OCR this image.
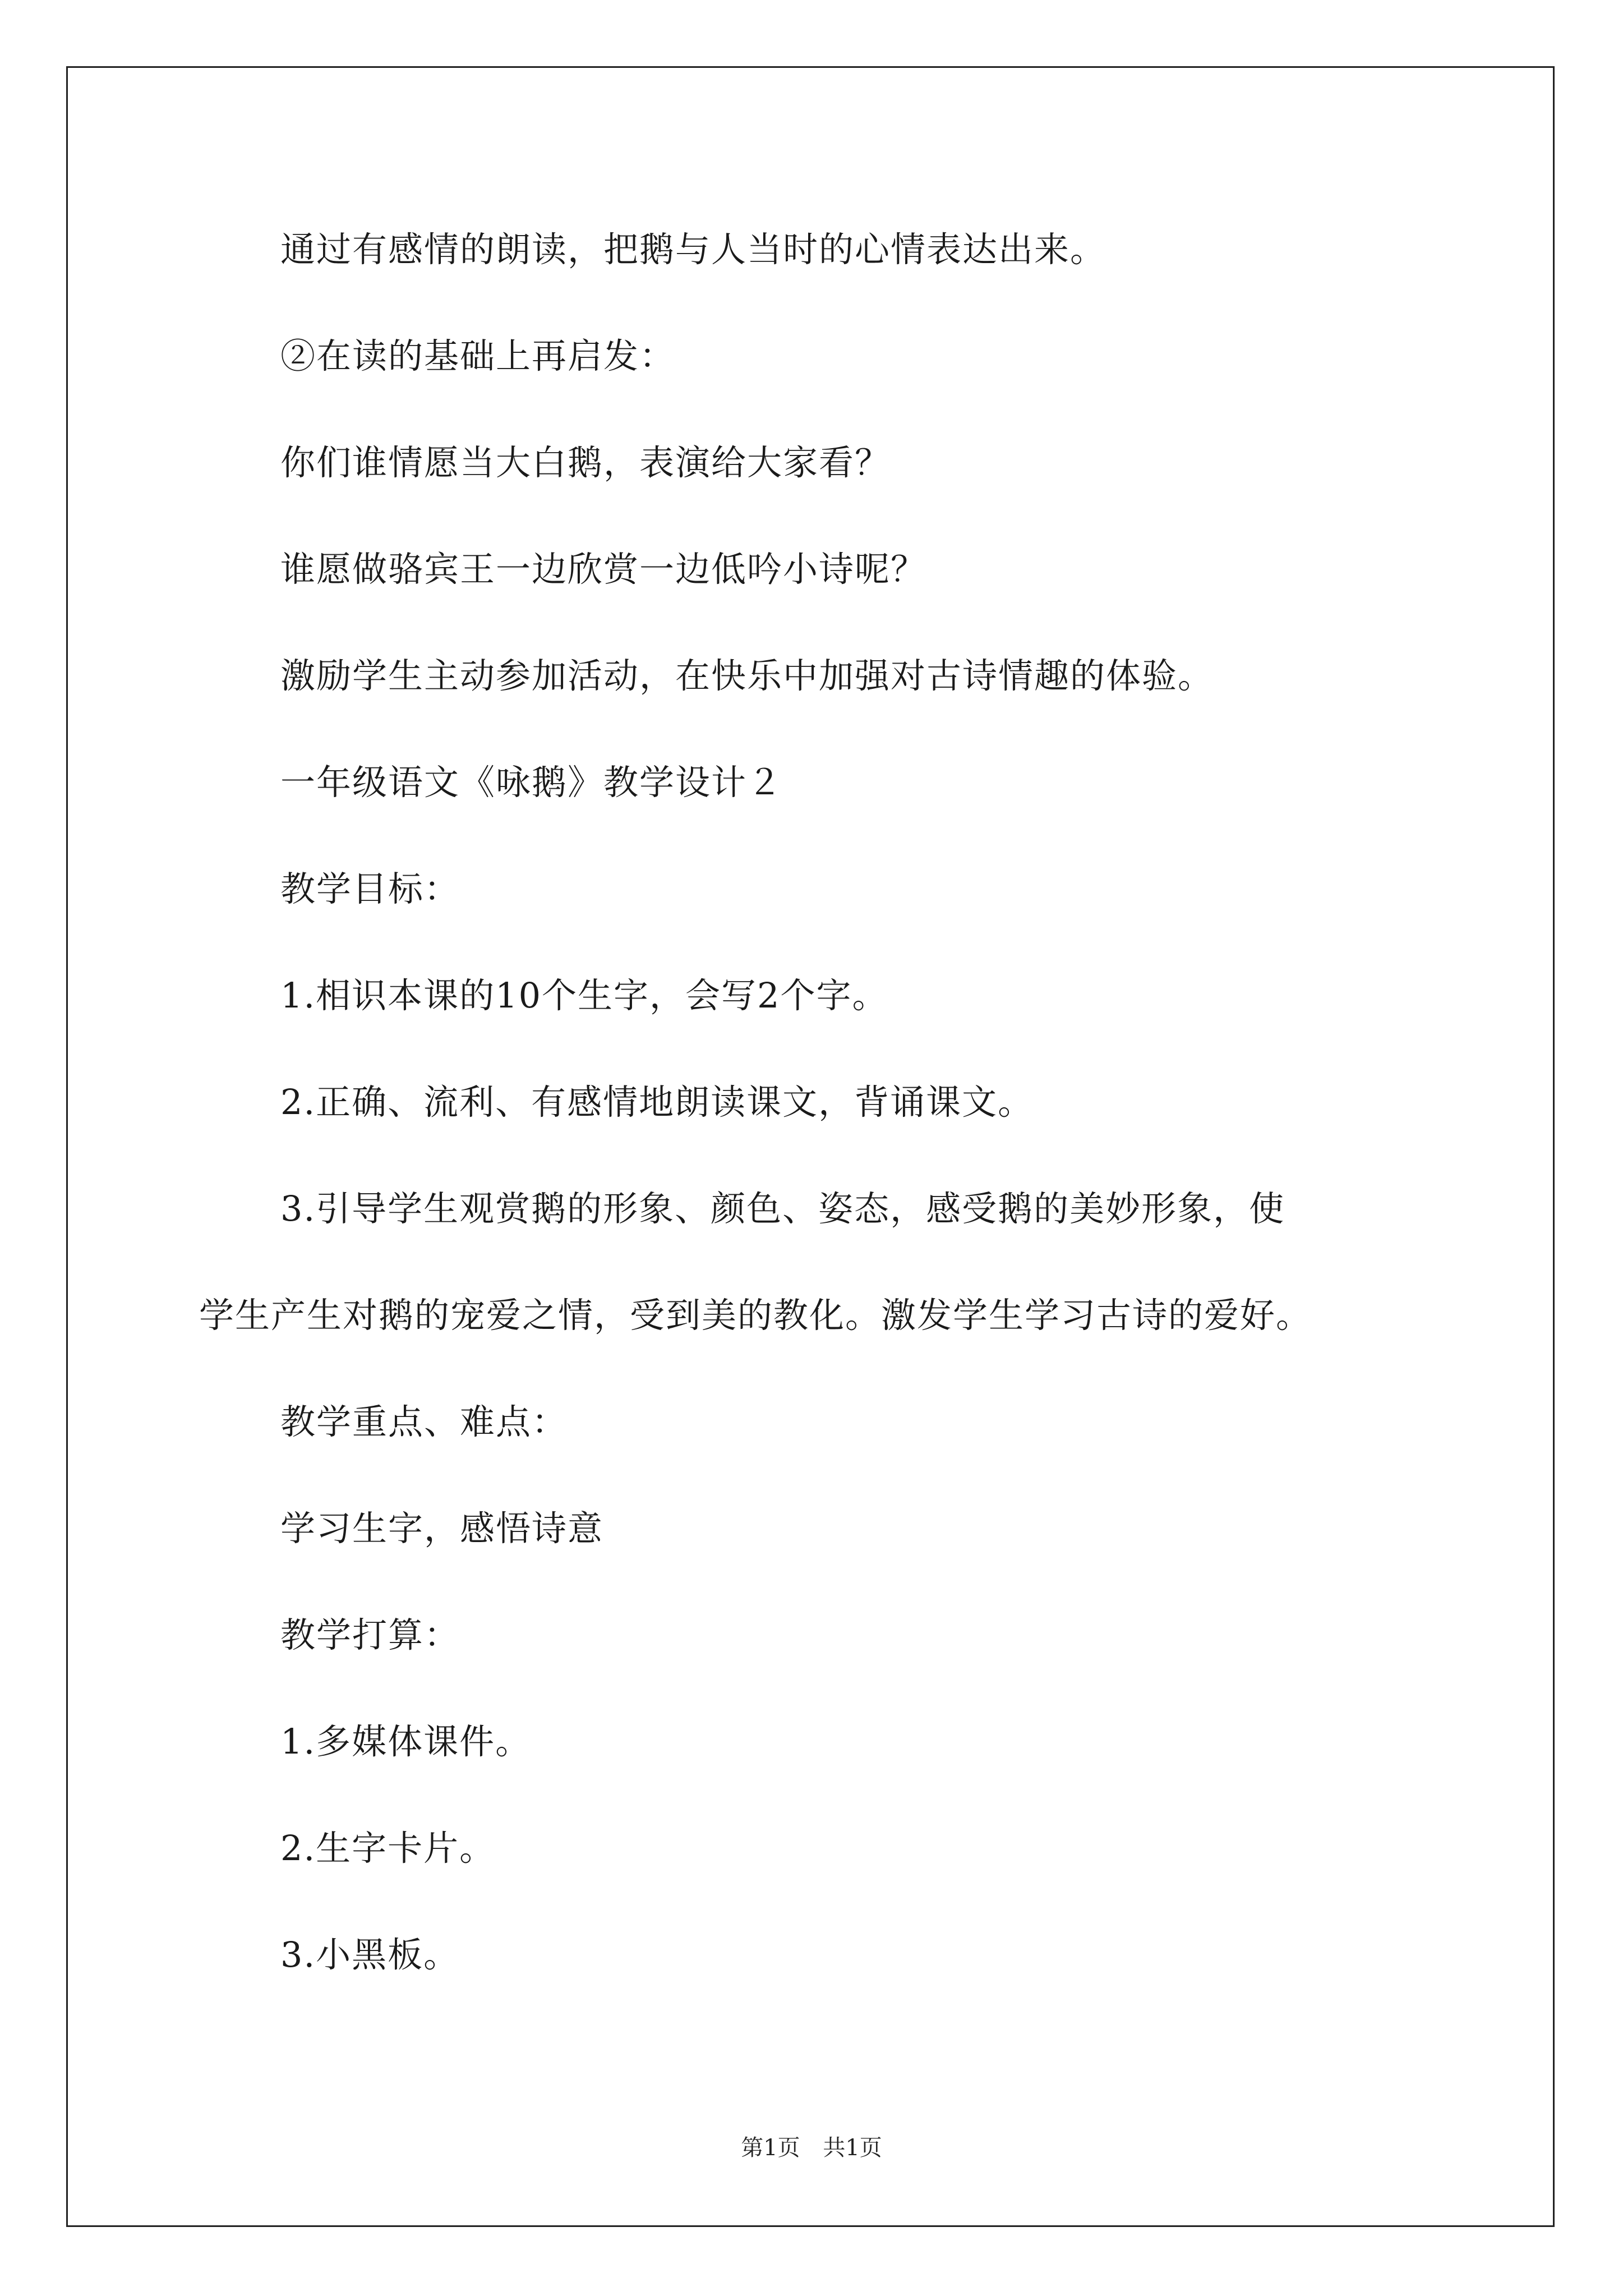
通过有感情的朗读，把鹅与人当时的心情表达出来。
②在读的基础上再启发：
你们谁情愿当大白鹅，表演给大家看？
谁愿做骆宾王一边欣赏一边低吟小诗呢？
激励学生主动参加活动，在快乐中加强对古诗情趣的体验。
一年级语文《咏鹅》教学设计２
教学目标：
1.相识本课的10个生字，会写2个字。
2.正确、流利、有感情地朗读课文，背诵课文。
3.引导学生观赏鹅的形象、颜色、姿态，感受鹅的美妙形象，使
学生产生对鹅的宠爱之情，受到美的教化。激发学生学习古诗的爱好。
教学重点、难点：
学习生字，感悟诗意
教学打算：
1.多媒体课件。
2.生字卡片。
3.小黑板。
第1页 共1页
